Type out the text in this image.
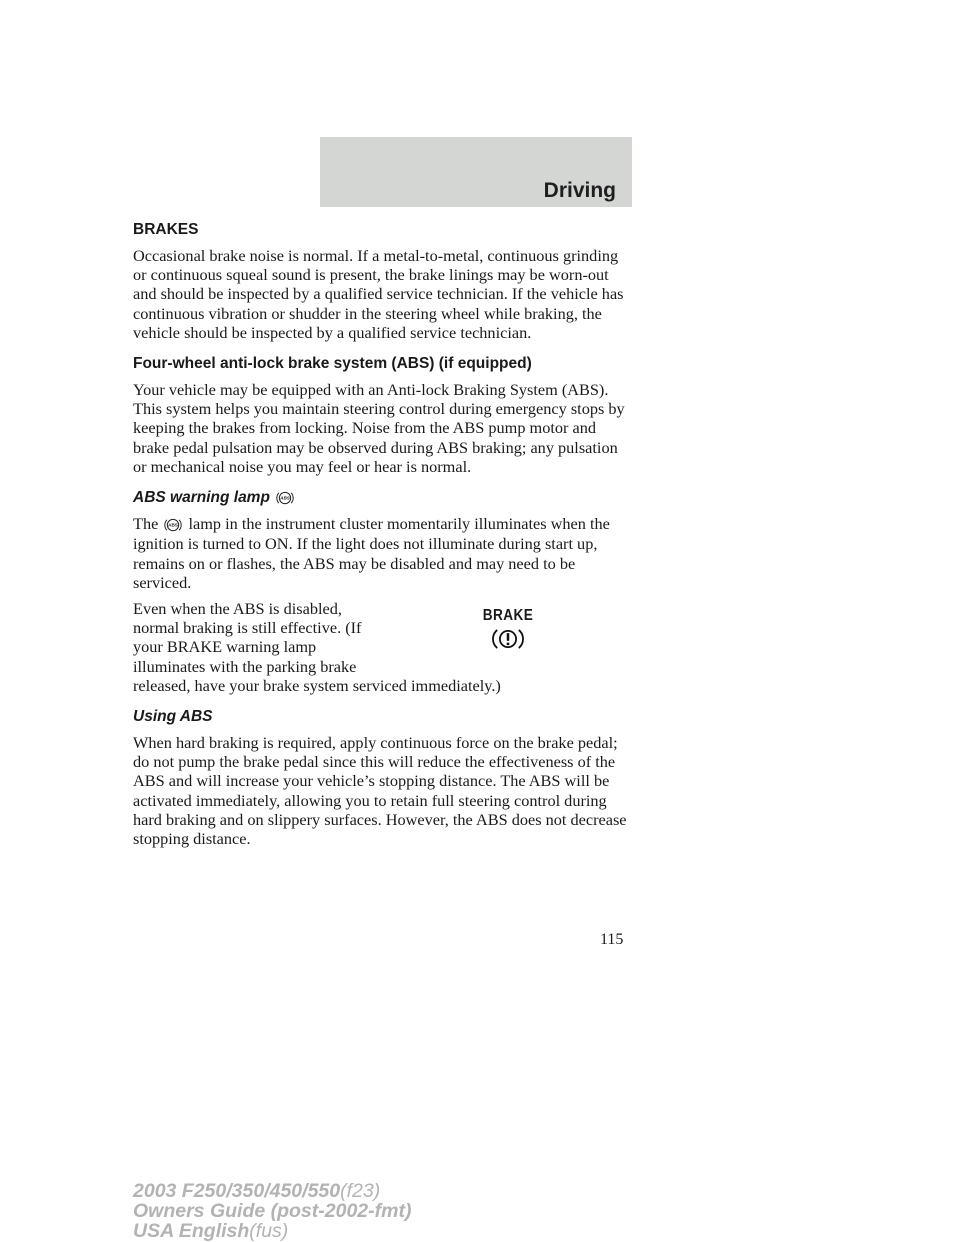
Driving
BRAKES

Occasional brake noise is normal. If a metal-to-metal, continuous grinding or continuous squeal sound is present, the brake linings may be worn-out and should be inspected by a qualified service technician. If the vehicle has continuous vibration or shudder in the steering wheel while braking, the vehicle should be inspected by a qualified service technician.

Four-wheel anti-lock brake system (ABS) (if equipped)

Your vehicle may be equipped with an Anti-lock Braking System (ABS). This system helps you maintain steering control during emergency stops by keeping the brakes from locking. Noise from the ABS pump motor and brake pedal pulsation may be observed during ABS braking; any pulsation or mechanical noise you may feel or hear is normal.

ABS warning lamp ABS

The ABS lamp in the instrument cluster momentarily illuminates when the ignition is turned to ON. If the light does not illuminate during start up, remains on or flashes, the ABS may be disabled and may need to be serviced.

Even when the ABS is disabled, normal braking is still effective. (If your BRAKE warning lamp illuminates with the parking brake
released, have your brake system serviced immediately.)

BRAKE
Using ABS

When hard braking is required, apply continuous force on the brake pedal; do not pump the brake pedal since this will reduce the effectiveness of the ABS and will increase your vehicle’s stopping distance. The ABS will be activated immediately, allowing you to retain full steering control during hard braking and on slippery surfaces. However, the ABS does not decrease stopping distance.

115
2003 F250/350/450/550(f23)
Owners Guide (post-2002-fmt)
USA English(fus)
